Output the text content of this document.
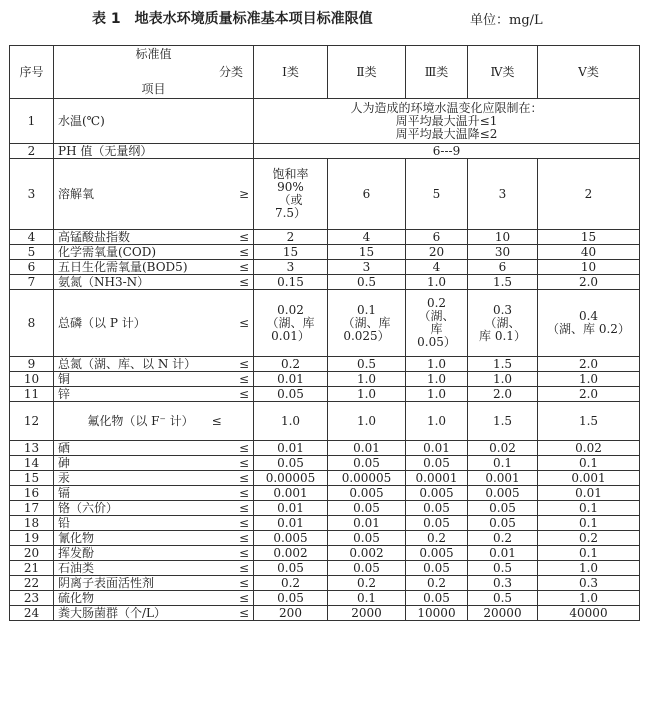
表 1　地表水环境质量标准基本项目标准限值	单位：mg/L
序号	标准值
分类
项目		Ⅰ类	Ⅱ类	Ⅲ类	Ⅳ类	Ⅴ类
1	水温(℃)		人为造成的环境水温变化应限制在：
周平均最大温升≤1
周平均最大温降≤2				
2	PH 值（无量纲）		6---9				
3	溶解氧	≥	饱和率
90%
（或
7.5）	6	5	3	2
4	高锰酸盐指数	≤	2	4	6	10	15
5	化学需氧量(COD)	≤	15	15	20	30	40
6	五日生化需氧量(BOD5)	≤	3	3	4	6	10
7	氨氮（NH3-N）	≤	0.15	0.5	1.0	1.5	2.0
8	总磷（以 P 计）	≤	0.02
（湖、库
0.01）	0.1
（湖、库
0.025）	0.2
（湖、
库
0.05）	0.3
（湖、
库 0.1）	0.4
（湖、库 0.2）
9	总氮（湖、库、以 N 计）	≤	0.2	0.5	1.0	1.5	2.0
10	铜	≤	0.01	1.0	1.0	1.0	1.0
11	锌	≤	0.05	1.0	1.0	2.0	2.0
12	氟化物（以 F⁻ 计）　　≤		1.0	1.0	1.0	1.5	1.5
13	硒	≤	0.01	0.01	0.01	0.02	0.02
14	砷	≤	0.05	0.05	0.05	0.1	0.1
15	汞	≤	0.00005	0.00005	0.0001	0.001	0.001
16	镉	≤	0.001	0.005	0.005	0.005	0.01
17	铬（六价）	≤	0.01	0.05	0.05	0.05	0.1
18	铅	≤	0.01	0.01	0.05	0.05	0.1
19	氰化物	≤	0.005	0.05	0.2	0.2	0.2
20	挥发酚	≤	0.002	0.002	0.005	0.01	0.1
21	石油类	≤	0.05	0.05	0.05	0.5	1.0
22	阴离子表面活性剂	≤	0.2	0.2	0.2	0.3	0.3
23	硫化物	≤	0.05	0.1	0.05	0.5	1.0
24	粪大肠菌群（个/L）	≤	200	2000	10000	20000	40000
